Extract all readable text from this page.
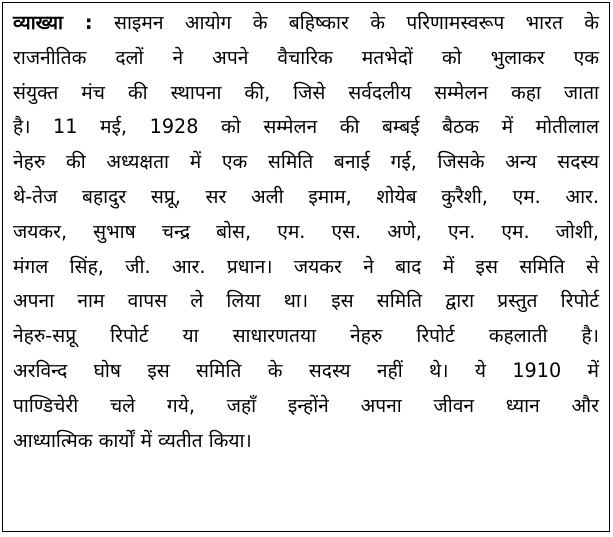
व्याख्या : साइमन आयोग के बहिष्कार के परिणामस्वरूप भारत के
राजनीतिक दलों ने अपने वैचारिक मतभेदों को भुलाकर एक
संयुक्त मंच की स्थापना की, जिसे सर्वदलीय सम्मेलन कहा जाता
है। 11 मई, 1928 को सम्मेलन की बम्बई बैठक में मोतीलाल
नेहरु की अध्यक्षता में एक समिति बनाई गई, जिसके अन्य सदस्य
थे-तेज बहादुर सप्रू, सर अली इमाम, शोयेब कुरैशी, एम. आर.
जयकर, सुभाष चन्द्र बोस, एम. एस. अणे, एन. एम. जोशी,
मंगल सिंह, जी. आर. प्रधान। जयकर ने बाद में इस समिति से
अपना नाम वापस ले लिया था। इस समिति द्वारा प्रस्तुत रिपोर्ट
नेहरु-सप्रू रिपोर्ट या साधारणतया नेहरु रिपोर्ट कहलाती है।
अरविन्द घोष इस समिति के सदस्य नहीं थे। ये 1910 में
पाण्डिचेरी चले गये, जहाँ इन्होंने अपना जीवन ध्यान और
आध्यात्मिक कार्यों में व्यतीत किया।
